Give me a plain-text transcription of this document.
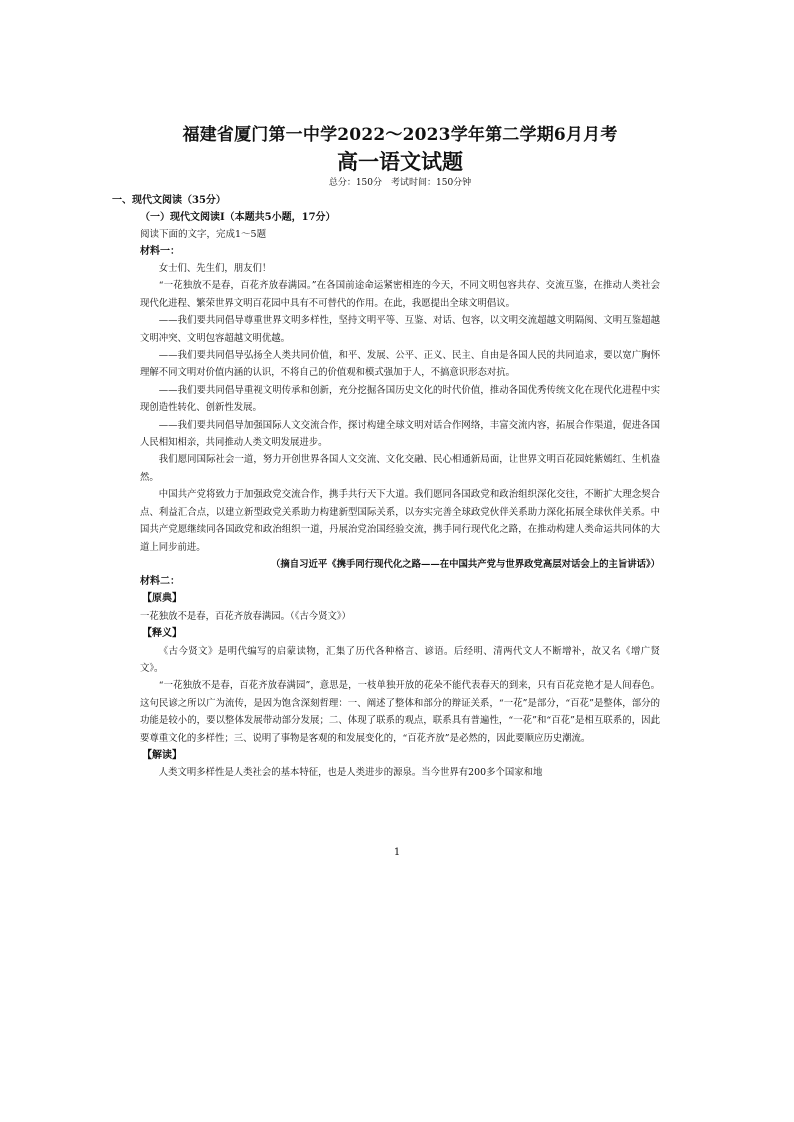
福建省厦门第一中学2022～2023学年第二学期6月月考
高一语文试题
总分：150分　考试时间：150分钟
一、现代文阅读（35分）
（一）现代文阅读Ⅰ（本题共5小题，17分）
阅读下面的文字，完成1～5题
材料一：

女士们、先生们，朋友们！

“一花独放不是春，百花齐放春满园。”在各国前途命运紧密相连的今天，不同文明包容共存、交流互鉴，在推动人类社会现代化进程、繁荣世界文明百花园中具有不可替代的作用。在此，我愿提出全球文明倡议。

——我们要共同倡导尊重世界文明多样性，坚持文明平等、互鉴、对话、包容，以文明交流超越文明隔阂、文明互鉴超越文明冲突、文明包容超越文明优越。

——我们要共同倡导弘扬全人类共同价值，和平、发展、公平、正义、民主、自由是各国人民的共同追求，要以宽广胸怀理解不同文明对价值内涵的认识，不将自己的价值观和模式强加于人，不搞意识形态对抗。

——我们要共同倡导重视文明传承和创新，充分挖掘各国历史文化的时代价值，推动各国优秀传统文化在现代化进程中实现创造性转化、创新性发展。

——我们要共同倡导加强国际人文交流合作，探讨构建全球文明对话合作网络，丰富交流内容，拓展合作渠道，促进各国人民相知相亲，共同推动人类文明发展进步。

我们愿同国际社会一道，努力开创世界各国人文交流、文化交融、民心相通新局面，让世界文明百花园姹紫嫣红、生机盎然。

中国共产党将致力于加强政党交流合作，携手共行天下大道。我们愿同各国政党和政治组织深化交往，不断扩大理念契合点、利益汇合点，以建立新型政党关系助力构建新型国际关系，以夯实完善全球政党伙伴关系助力深化拓展全球伙伴关系。中国共产党愿继续同各国政党和政治组织一道，丹展治党治国经验交流，携手同行现代化之路，在推动构建人类命运共同体的大道上同步前进。

（摘自习近平《携手同行现代化之路——在中国共产党与世界政党高层对话会上的主旨讲话》）

材料二：
【原典】

一花独放不是春，百花齐放春满园。（《古今贤文》）

【释义】

《古今贤文》是明代编写的启蒙读物，汇集了历代各种格言、谚语。后经明、清两代文人不断增补，故又名《增广贤文》。

“一花独放不是春，百花齐放春满园”，意思是，一枝单独开放的花朵不能代表春天的到来，只有百花竞艳才是人间春色。这句民谚之所以广为流传，是因为饱含深刻哲理：一、阐述了整体和部分的辩证关系，“一花”是部分，“百花”是整体，部分的功能是较小的，要以整体发展带动部分发展；二、体现了联系的观点，联系具有普遍性，“一花”和“百花”是相互联系的，因此要尊重文化的多样性；三、说明了事物是客观的和发展变化的，“百花齐放”是必然的，因此要顺应历史潮流。

【解读】

人类文明多样性是人类社会的基本特征，也是人类进步的源泉。当今世界有200多个国家和地

1
